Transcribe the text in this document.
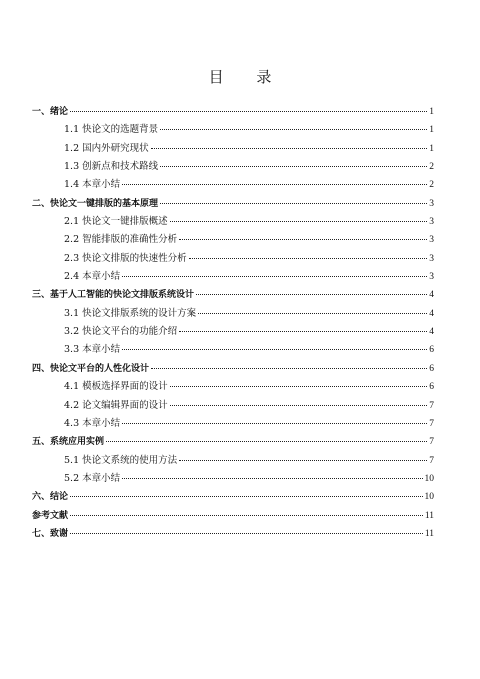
目 录
一、绪论	1
1.1 快论文的选题背景	1
1.2 国内外研究现状	1
1.3 创新点和技术路线	2
1.4 本章小结	2
二、快论文一键排版的基本原理	3
2.1 快论文一键排版概述	3
2.2 智能排版的准确性分析	3
2.3 快论文排版的快速性分析	3
2.4 本章小结	3
三、基于人工智能的快论文排版系统设计	4
3.1 快论文排版系统的设计方案	4
3.2 快论文平台的功能介绍	4
3.3 本章小结	6
四、快论文平台的人性化设计	6
4.1 模板选择界面的设计	6
4.2 论文编辑界面的设计	7
4.3 本章小结	7
五、系统应用实例	7
5.1 快论文系统的使用方法	7
5.2 本章小结	10
六、结论	10
参考文献	11
七、致谢	11
